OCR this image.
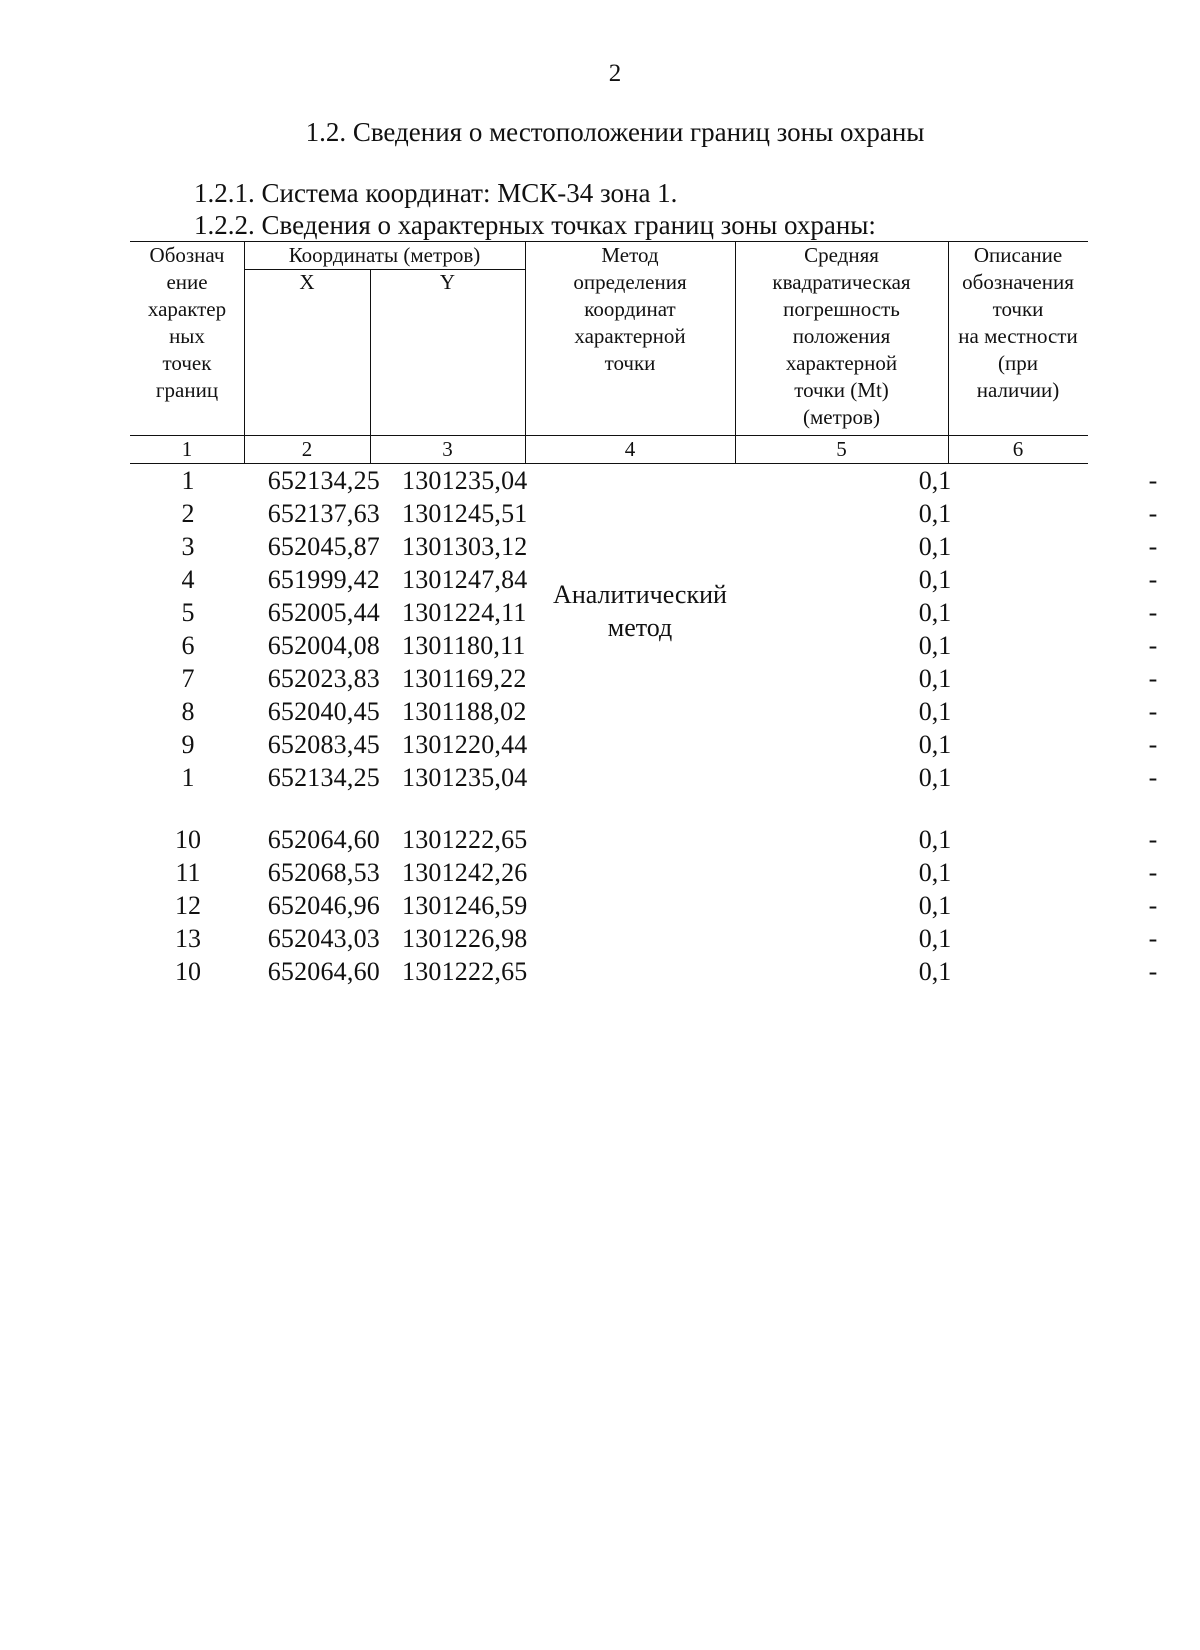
2
1.2. Сведения о местоположении границ зоны охраны
1.2.1. Система координат: МСК-34 зона 1.
1.2.2. Сведения о характерных точках границ зоны охраны:
Обознач
ение
характер
ных
точек
границ
Координаты (метров)
X	Y
Метод
определения
координат
характерной
точки
Средняя
квадратическая
погрешность
положения
характерной
точки (Mt)
(метров)
Описание
обозначения
точки
на местности
(при
наличии)
1	2	3	4	5	6
Аналитический
метод
1	652134,25 1301235,04	0,1	-
2	652137,63 1301245,51	0,1	-
3	652045,87 1301303,12	0,1	-
4	651999,42 1301247,84	0,1	-
5	652005,44 1301224,11	0,1	-
6	652004,08 1301180,11	0,1	-
7	652023,83 1301169,22	0,1	-
8	652040,45 1301188,02	0,1	-
9	652083,45 1301220,44	0,1	-
1	652134,25 1301235,04	0,1	-
10	652064,60 1301222,65	0,1	-
11	652068,53 1301242,26	0,1	-
12	652046,96 1301246,59	0,1	-
13	652043,03 1301226,98	0,1	-
10	652064,60 1301222,65	0,1	-
